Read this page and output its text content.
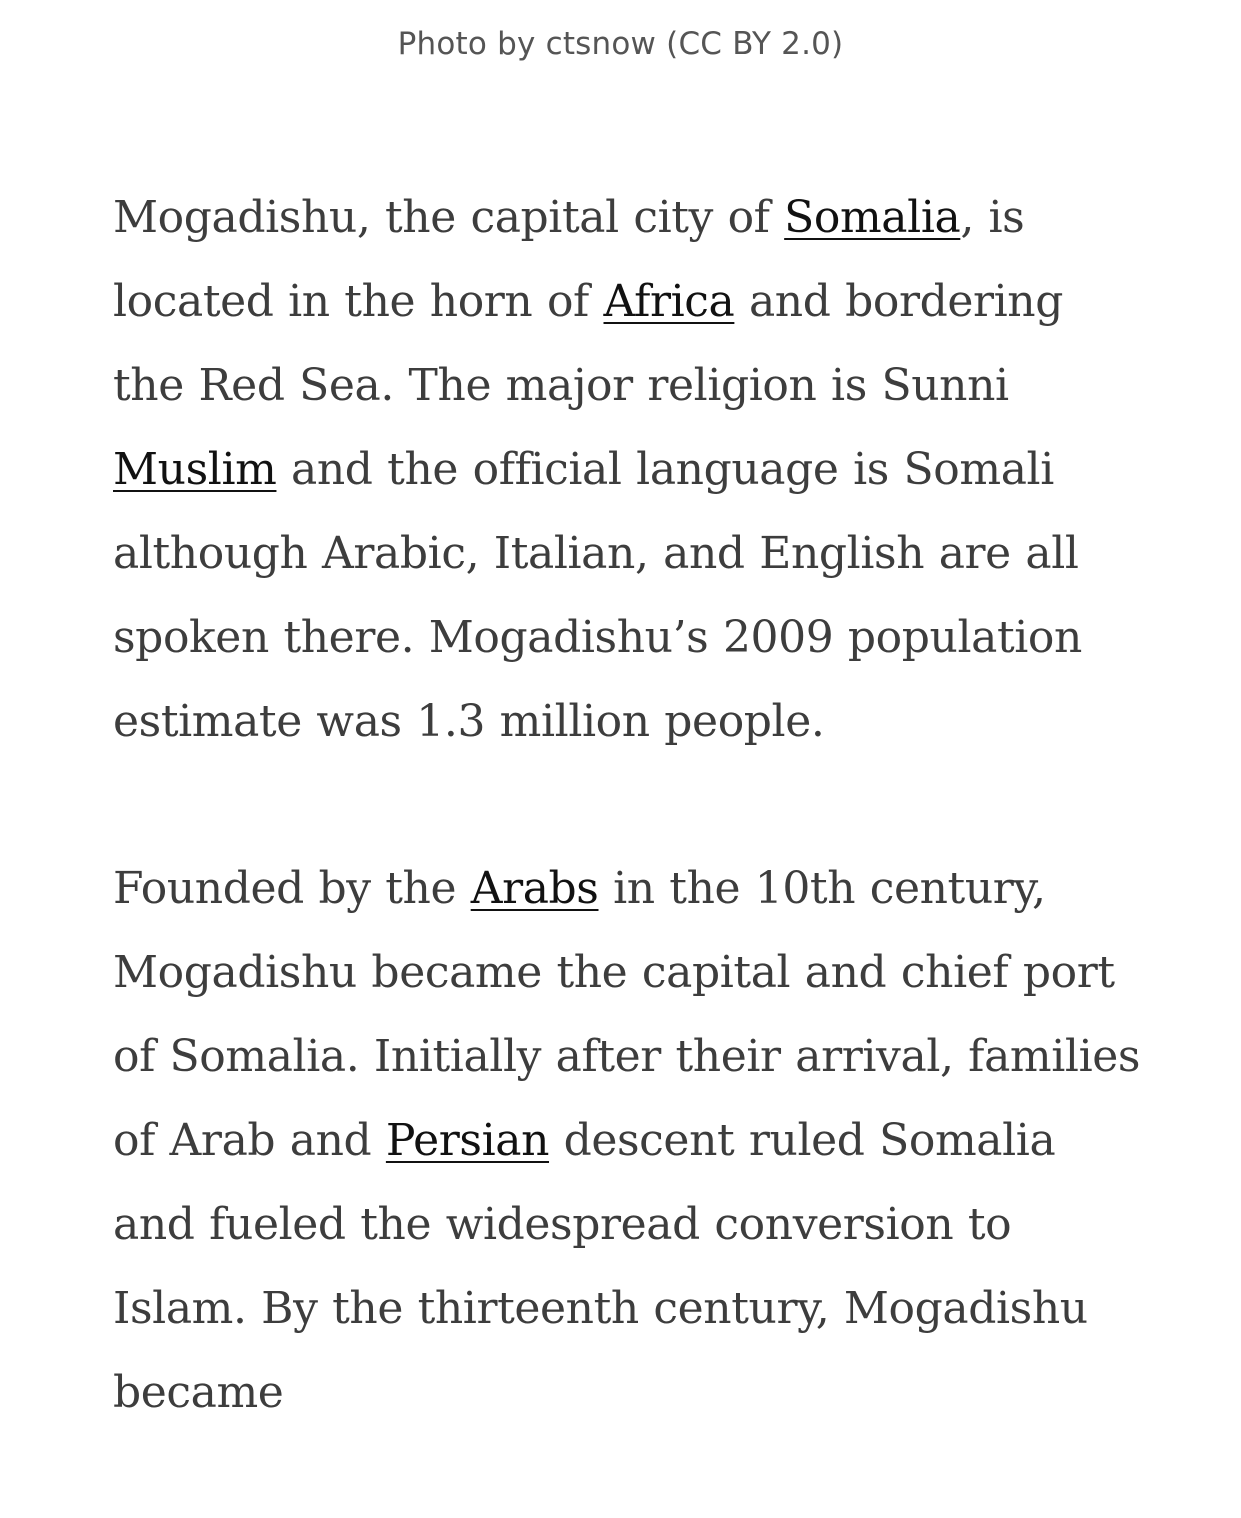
Photo by ctsnow (CC BY 2.0)

Mogadishu, the capital city of Somalia, is located in the horn of Africa and bordering the Red Sea. The major religion is Sunni Muslim and the official language is Somali although Arabic, Italian, and English are all spoken there. Mogadishu’s 2009 population estimate was 1.3 million people.

Founded by the Arabs in the 10th century, Mogadishu became the capital and chief port of Somalia. Initially after their arrival, families of Arab and Persian descent ruled Somalia and fueled the widespread conversion to Islam. By the thirteenth century, Mogadishu became
